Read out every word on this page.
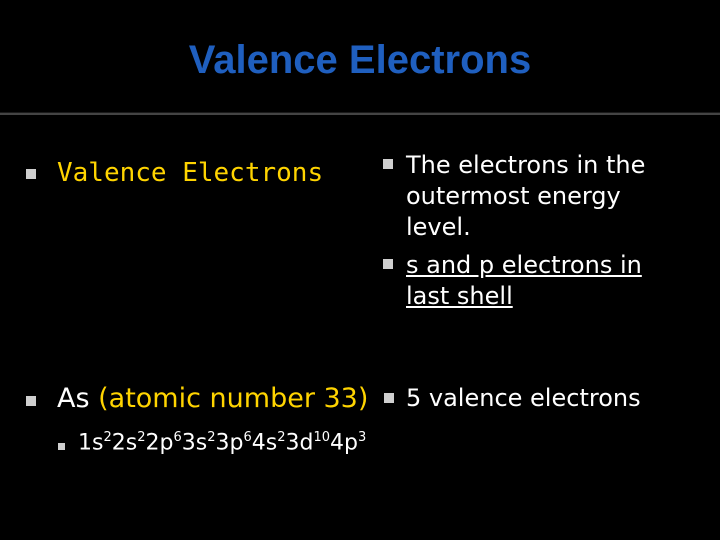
Valence Electrons
Valence Electrons	The electrons in the
outermost energy
level.
s and p electrons in
last shell
As (atomic number 33) 5 valence electrons
$1s^22s^22p^63s^23p^64s^23d^{10}4p^3$
